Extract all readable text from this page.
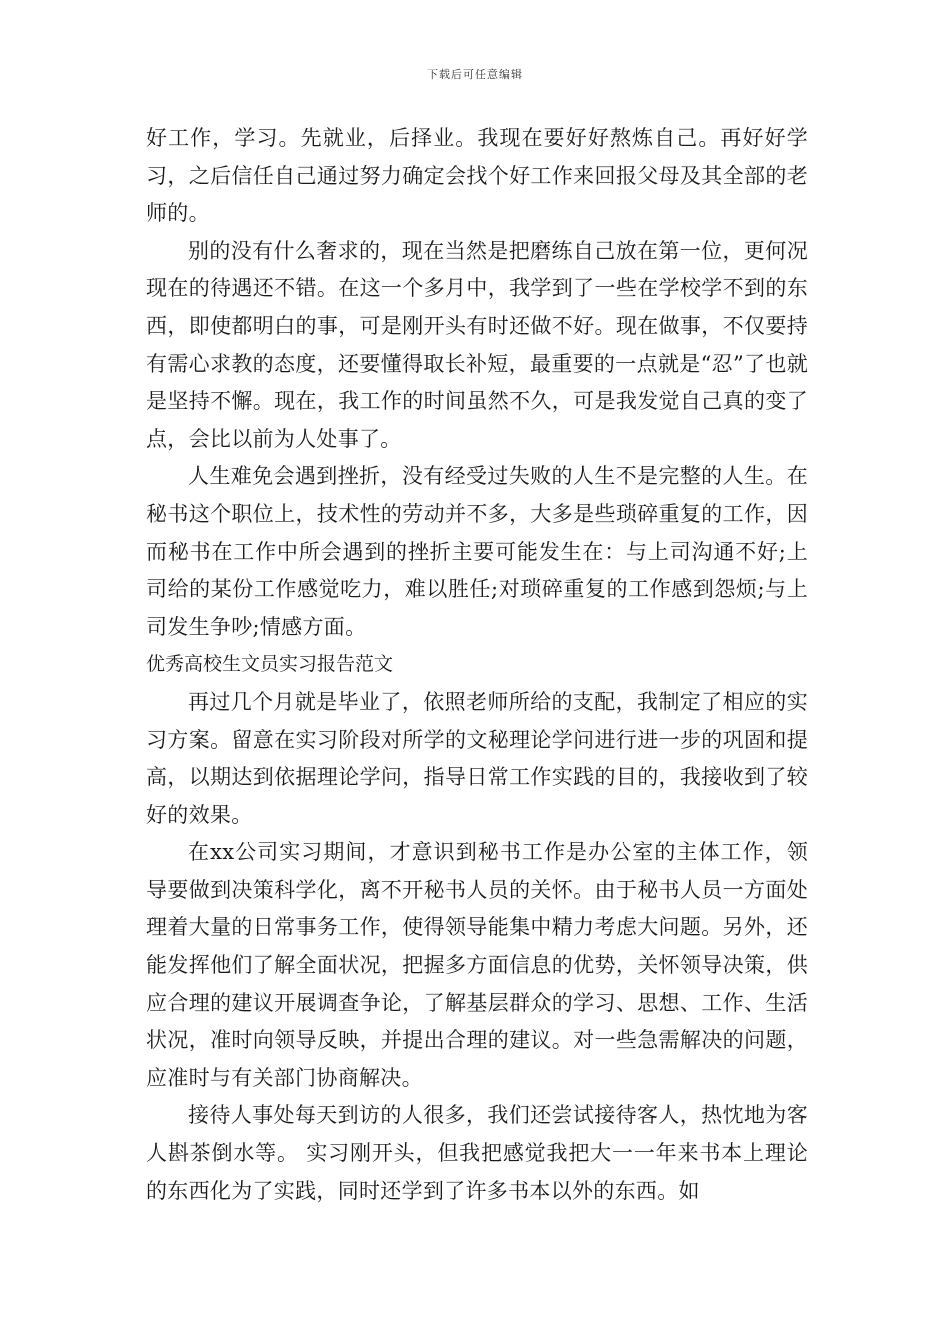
下载后可任意编辑

好工作，学习。先就业，后择业。我现在要好好熬炼自己。再好好学习，之后信任自己通过努力确定会找个好工作来回报父母及其全部的老师的。

别的没有什么奢求的，现在当然是把磨练自己放在第一位，更何况现在的待遇还不错。在这一个多月中，我学到了一些在学校学不到的东西，即使都明白的事，可是刚开头有时还做不好。现在做事，不仅要持有需心求教的态度，还要懂得取长补短，最重要的一点就是“忍”了也就是坚持不懈。现在，我工作的时间虽然不久，可是我发觉自己真的变了点，会比以前为人处事了。

人生难免会遇到挫折，没有经受过失败的人生不是完整的人生。在秘书这个职位上，技术性的劳动并不多，大多是些琐碎重复的工作，因而秘书在工作中所会遇到的挫折主要可能发生在：与上司沟通不好;上司给的某份工作感觉吃力，难以胜任;对琐碎重复的工作感到怨烦;与上司发生争吵;情感方面。

优秀高校生文员实习报告范文

再过几个月就是毕业了，依照老师所给的支配，我制定了相应的实习方案。留意在实习阶段对所学的文秘理论学问进行进一步的巩固和提高，以期达到依据理论学问，指导日常工作实践的目的，我接收到了较好的效果。

在xx公司实习期间，才意识到秘书工作是办公室的主体工作，领导要做到决策科学化，离不开秘书人员的关怀。由于秘书人员一方面处理着大量的日常事务工作，使得领导能集中精力考虑大问题。另外，还能发挥他们了解全面状况，把握多方面信息的优势，关怀领导决策，供应合理的建议开展调查争论，了解基层群众的学习、思想、工作、生活状况，准时向领导反映，并提出合理的建议。对一些急需解决的问题，应准时与有关部门协商解决。

接待人事处每天到访的人很多，我们还尝试接待客人，热忱地为客人斟茶倒水等。 实习刚开头，但我把感觉我把大一一年来书本上理论的东西化为了实践，同时还学到了许多书本以外的东西。如
